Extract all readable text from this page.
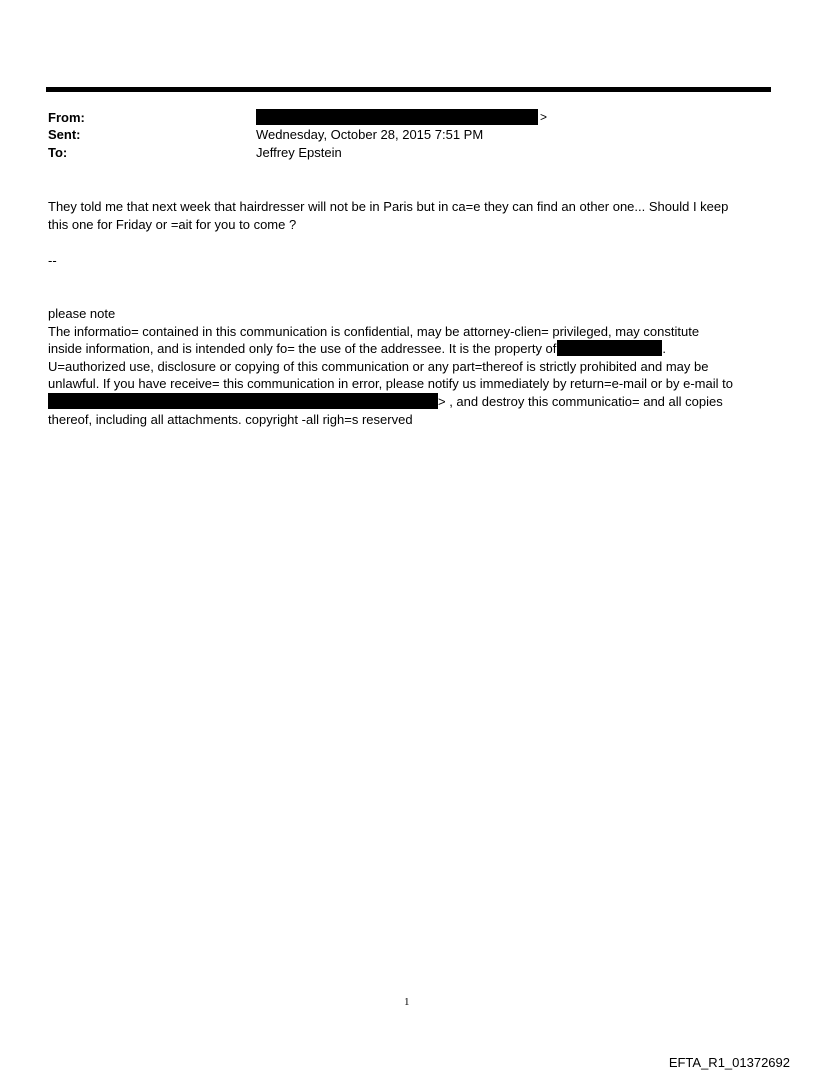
From:	>
Sent:	Wednesday, October 28, 2015 7:51 PM
To:	Jeffrey Epstein
They told me that next week that hairdresser will not be in Paris but in ca=e they can find an other one... Should I keep
this one for Friday or =ait for you to come ?
--
please note
The informatio= contained in this communication is confidential, may be attorney-clien= privileged, may constitute
inside information, and is intended only fo= the use of the addressee. It is the property of	.
U=authorized use, disclosure or copying of this communication or any part=thereof is strictly prohibited and may be
unlawful. If you have receive= this communication in error, please notify us immediately by return=e-mail or by e-mail to
> , and destroy this communicatio= and all copies
thereof, including all attachments. copyright -all righ=s reserved
1
EFTA_R1_01372692
